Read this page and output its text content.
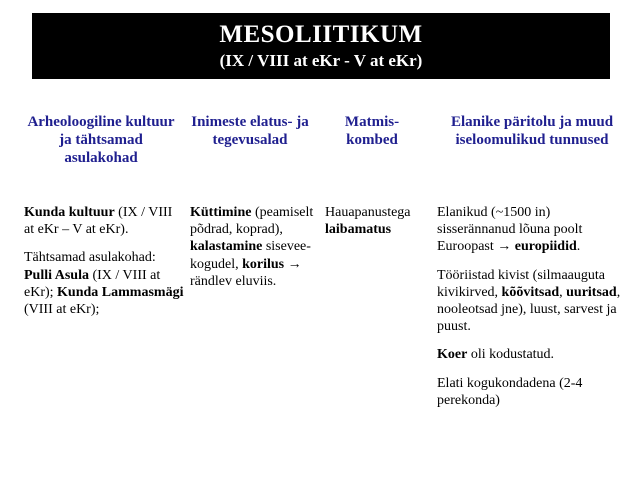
MESOLIITIKUM
(IX / VIII at eKr - V at eKr)
Arheoloogiline kultuur ja tähtsamad asulakohad
Inimeste elatus- ja tegevusalad
Matmis-kombed
Elanike päritolu ja muud iseloomulikud tunnused

Kunda kultuur (IX / VIII at eKr – V at eKr).

Tähtsamad asulakohad: Pulli Asula (IX / VIII at eKr); Kunda Lammasmägi (VIII at eKr);

Küttimine (peamiselt põdrad, koprad), kalastamine sisevee-kogudel, korilus → rändlev eluviis.

Hauapanustega laibamatus

Elanikud (~1500 in) sisserännanud lõuna poolt Euroopast → europiidid.

Tööriistad kivist (silmaauguta kivikirved, kõõvitsad, uuritsad, nooleotsad jne), luust, sarvest ja puust.

Koer oli kodustatud.

Elati kogukondadena (2-4 perekonda)
